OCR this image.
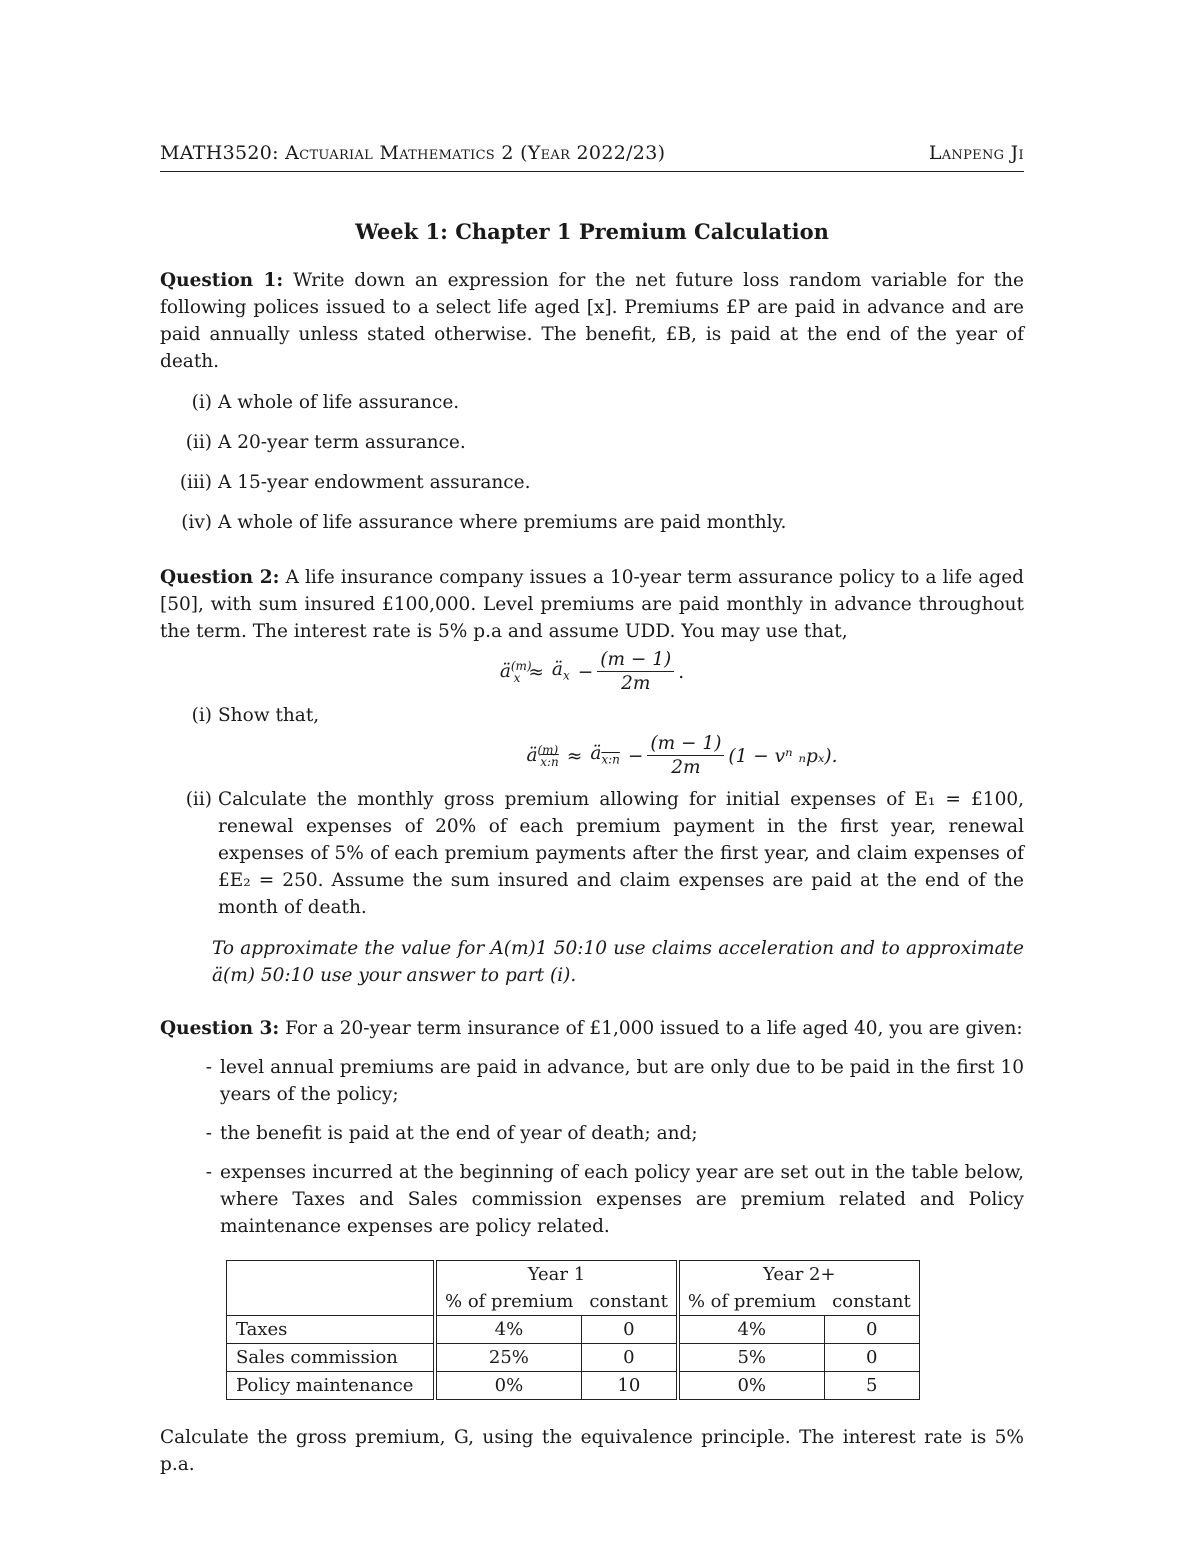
MATH3520: Actuarial Mathematics 2 (Year 2022/23)	Lanpeng Ji
Week 1: Chapter 1 Premium Calculation

Question 1: Write down an expression for the net future loss random variable for the following polices issued to a select life aged [x]. Premiums £P are paid in advance and are paid annually unless stated otherwise. The benefit, £B, is paid at the end of the year of death.

(i) A whole of life assurance.
(ii) A 20-year term assurance.
(iii) A 15-year endowment assurance.
(iv) A whole of life assurance where premiums are paid monthly.

Question 2: A life insurance company issues a 10-year term assurance policy to a life aged [50], with sum insured £100,000. Level premiums are paid monthly in advance throughout the term. The interest rate is 5% p.a and assume UDD. You may use that,

$ä^{(m)}_x$ ≈ $ä_x - \frac{(m - 1)}{2m}$ .
(i) Show that,
$ä^{(m)}_{x:n}$ ≈ $ä_{x:n} - \frac{(m - 1)}{2m} (1 - v^n$ ₙpₓ).
(ii) Calculate the monthly gross premium allowing for initial expenses of E₁ = £100, renewal expenses of 20% of each premium payment in the first year, renewal expenses of 5% of each premium payments after the first year, and claim expenses of £E₂ = 250. Assume the sum insured and claim expenses are paid at the end of the month of death.

To approximate the value for A(m)1 50:10 use claims acceleration and to approximate ä(m) 50:10 use your answer to part (i).

Question 3: For a 20-year term insurance of £1,000 issued to a life aged 40, you are given:

- level annual premiums are paid in advance, but are only due to be paid in the first 10 years of the policy;
- the benefit is paid at the end of year of death; and;
- expenses incurred at the beginning of each policy year are set out in the table below, where Taxes and Sales commission expenses are premium related and Policy maintenance expenses are policy related.
	Year 1		Year 2+	
	% of premium	constant	% of premium	constant
Taxes	4%	0	4%	0
Sales commission	25%	0	5%	0
Policy maintenance	0%	10	0%	5

Calculate the gross premium, G, using the equivalence principle. The interest rate is 5% p.a.
